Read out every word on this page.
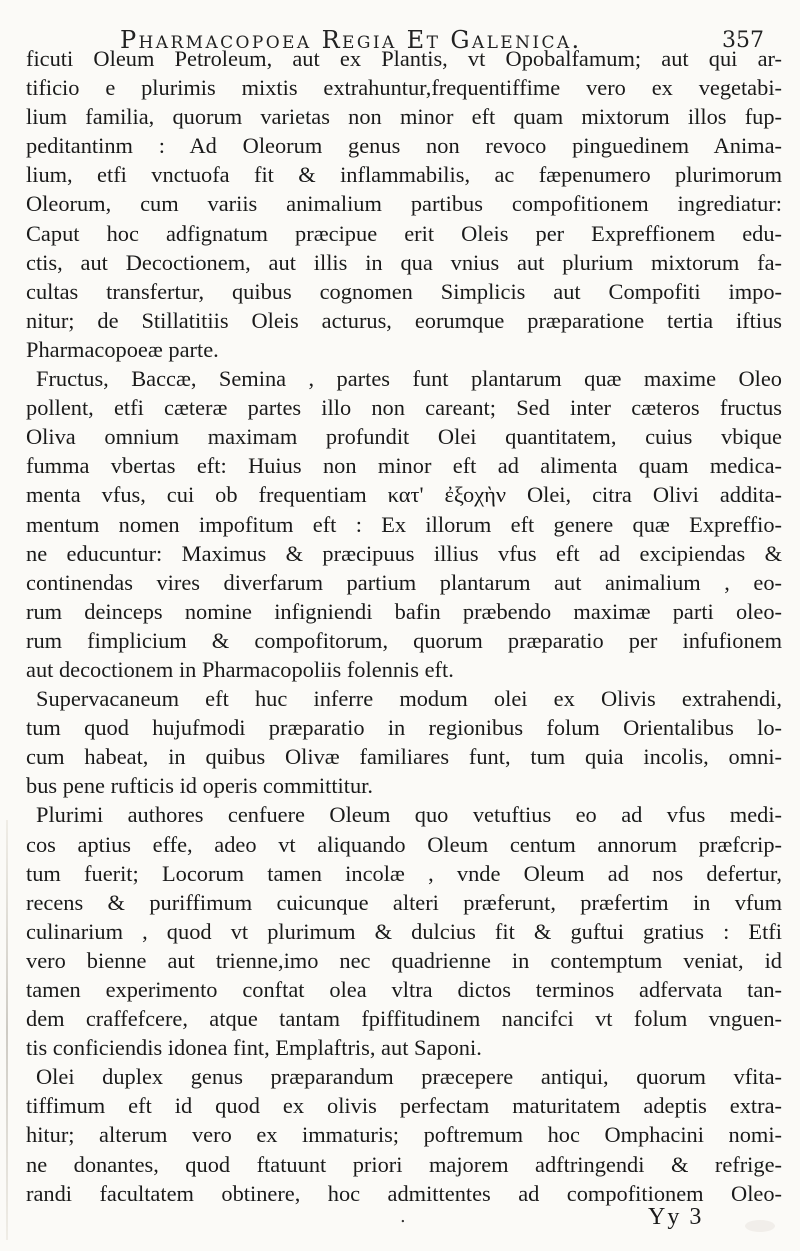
Pharmacopoea Regia Et Galenica.	357
ficuti Oleum Petroleum, aut ex Plantis, vt Opobalfamum; aut qui ar-
tificio e plurimis mixtis extrahuntur,frequentiffime vero ex vegetabi-
lium familia, quorum varietas non minor eft quam mixtorum illos fup-
peditantinm : Ad Oleorum genus non revoco pinguedinem Anima-
lium, etfi vnctuofa fit & inflammabilis, ac fæpenumero plurimorum
Oleorum, cum variis animalium partibus compofitionem ingrediatur:
Caput hoc adfignatum præcipue erit Oleis per Expreffionem edu-
ctis, aut Decoctionem, aut illis in qua vnius aut plurium mixtorum fa-
cultas transfertur, quibus cognomen Simplicis aut Compofiti impo-
nitur; de Stillatitiis Oleis acturus, eorumque præparatione tertia iftius
Pharmacopoeæ parte.
Fructus, Baccæ, Semina , partes funt plantarum quæ maxime Oleo
pollent, etfi cæteræ partes illo non careant; Sed inter cæteros fructus
Oliva omnium maximam profundit Olei quantitatem, cuius vbique
fumma vbertas eft: Huius non minor eft ad alimenta quam medica-
menta vfus, cui ob frequentiam κατ' ἐξοχὴν Olei, citra Olivi addita-
mentum nomen impofitum eft : Ex illorum eft genere quæ Expreffio-
ne educuntur: Maximus & præcipuus illius vfus eft ad excipiendas &
continendas vires diverfarum partium plantarum aut animalium , eo-
rum deinceps nomine infigniendi bafin præbendo maximæ parti oleo-
rum fimplicium & compofitorum, quorum præparatio per infufionem
aut decoctionem in Pharmacopoliis folennis eft.
Supervacaneum eft huc inferre modum olei ex Olivis extrahendi,
tum quod hujufmodi præparatio in regionibus folum Orientalibus lo-
cum habeat, in quibus Olivæ familiares funt, tum quia incolis, omni-
bus pene rufticis id operis committitur.
Plurimi authores cenfuere Oleum quo vetuftius eo ad vfus medi-
cos aptius effe, adeo vt aliquando Oleum centum annorum præfcrip-
tum fuerit; Locorum tamen incolæ , vnde Oleum ad nos defertur,
recens & puriffimum cuicunque alteri præferunt, præfertim in vfum
culinarium , quod vt plurimum & dulcius fit & guftui gratius : Etfi
vero bienne aut trienne,imo nec quadrienne in contemptum veniat, id
tamen experimento conftat olea vltra dictos terminos adfervata tan-
dem craffefcere, atque tantam fpiffitudinem nancifci vt folum vnguen-
tis conficiendis idonea fint, Emplaftris, aut Saponi.
Olei duplex genus præparandum præcepere antiqui, quorum vfita-
tiffimum eft id quod ex olivis perfectam maturitatem adeptis extra-
hitur; alterum vero ex immaturis; poftremum hoc Omphacini nomi-
ne donantes, quod ftatuunt priori majorem adftringendi & refrige-
randi facultatem obtinere, hoc admittentes ad compofitionem Oleo-
.	Yy 3
